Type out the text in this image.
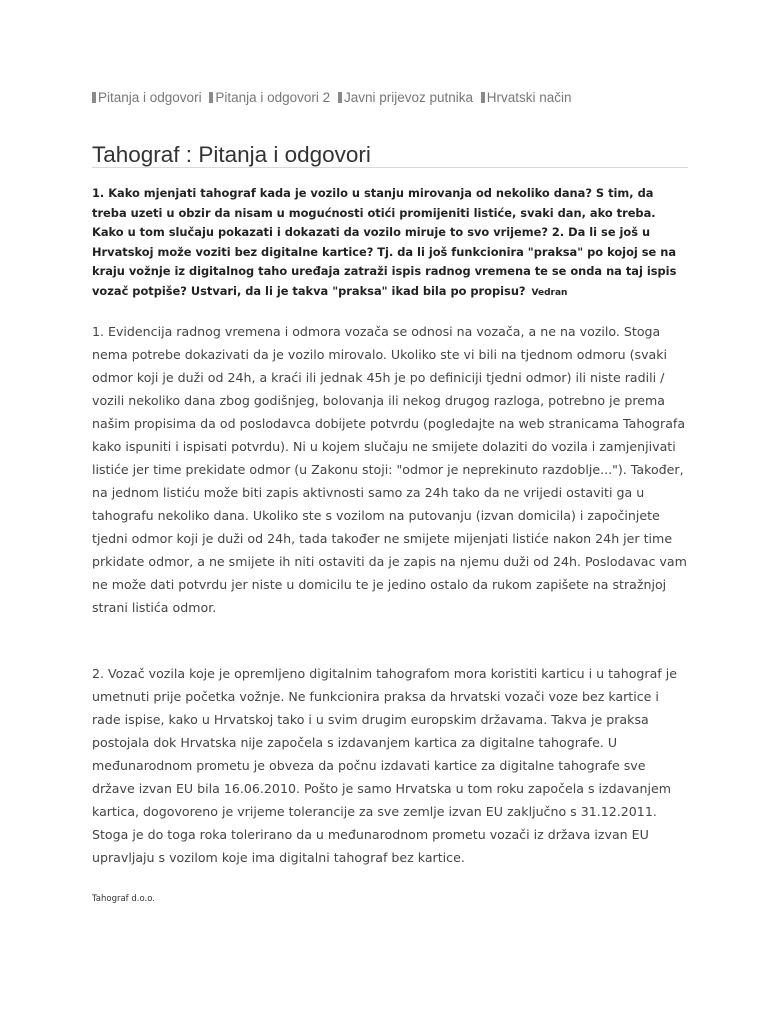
Pitanja i odgovori Pitanja i odgovori 2 Javni prijevoz putnika Hrvatski način
Tahograf : Pitanja i odgovori

1. Kako mjenjati tahograf kada je vozilo u stanju mirovanja od nekoliko dana? S tim, da treba uzeti u obzir da nisam u mogućnosti otići promijeniti listiće, svaki dan, ako treba. Kako u tom slučaju pokazati i dokazati da vozilo miruje to svo vrijeme? 2. Da li se još u Hrvatskoj može voziti bez digitalne kartice? Tj. da li još funkcionira "praksa" po kojoj se na kraju vožnje iz digitalnog taho uređaja zatraži ispis radnog vremena te se onda na taj ispis vozač potpiše? Ustvari, da li je takva "praksa" ikad bila po propisu? Vedran

1. Evidencija radnog vremena i odmora vozača se odnosi na vozača, a ne na vozilo. Stoga nema potrebe dokazivati da je vozilo mirovalo. Ukoliko ste vi bili na tjednom odmoru (svaki odmor koji je duži od 24h, a kraći ili jednak 45h je po definiciji tjedni odmor) ili niste radili / vozili nekoliko dana zbog godišnjeg, bolovanja ili nekog drugog razloga, potrebno je prema našim propisima da od poslodavca dobijete potvrdu (pogledajte na web stranicama Tahografa kako ispuniti i ispisati potvrdu). Ni u kojem slučaju ne smijete dolaziti do vozila i zamjenjivati listiće jer time prekidate odmor (u Zakonu stoji: "odmor je neprekinuto razdoblje..."). Također, na jednom listiću može biti zapis aktivnosti samo za 24h tako da ne vrijedi ostaviti ga u tahografu nekoliko dana. Ukoliko ste s vozilom na putovanju (izvan domicila) i započinjete tjedni odmor koji je duži od 24h, tada također ne smijete mijenjati listiće nakon 24h jer time prkidate odmor, a ne smijete ih niti ostaviti da je zapis na njemu duži od 24h. Poslodavac vam ne može dati potvrdu jer niste u domicilu te je jedino ostalo da rukom zapišete na stražnjoj strani listića odmor.

2. Vozač vozila koje je opremljeno digitalnim tahografom mora koristiti karticu i u tahograf je umetnuti prije početka vožnje. Ne funkcionira praksa da hrvatski vozači voze bez kartice i rade ispise, kako u Hrvatskoj tako i u svim drugim europskim državama. Takva je praksa postojala dok Hrvatska nije započela s izdavanjem kartica za digitalne tahografe. U međunarodnom prometu je obveza da počnu izdavati kartice za digitalne tahografe sve države izvan EU bila 16.06.2010. Pošto je samo Hrvatska u tom roku započela s izdavanjem kartica, dogovoreno je vrijeme tolerancije za sve zemlje izvan EU zaključno s 31.12.2011. Stoga je do toga roka tolerirano da u međunarodnom prometu vozači iz država izvan EU upravljaju s vozilom koje ima digitalni tahograf bez kartice.

Tahograf d.o.o.
